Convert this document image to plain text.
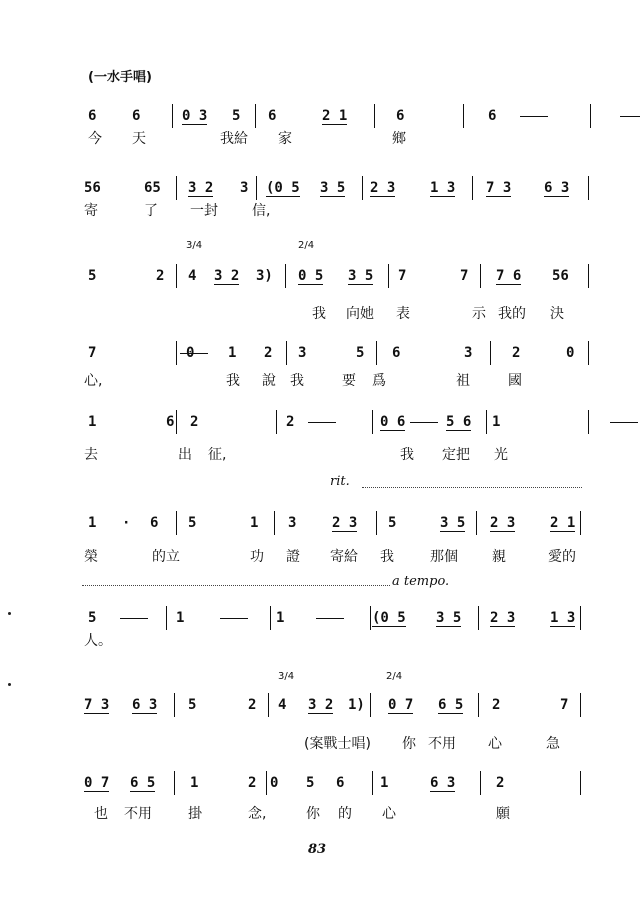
(一水手唱)
6	6	0 3 5 6	2 1	6	6
今 天	我給 家	鄉
56	65 3 2 3 (0 5 3 5 2 3 1 3 7 3 6 3
寄	了 一封 信,
5	2 4 3 2 3) 0 5 3 5 7	7 7 6 56
我 向她 表	示 我的 決
7	0 1 2 3	5 6	3	2	0
心,	我 說 我	要 爲	祖	國
1	6 2	2	0 6	5 6 1
去	出 征,	我 定把 光
1 · 6 5	1 3	2 3 5	3 5 2 3 2 1
榮	的立	功 證 寄給 我	那個 親	愛的
5	1	1	(0 5 3 5 2 3 1 3
人。
7 3 6 3 5	2 4 3 2 1) 0 7 6 5 2	7
(案戰士唱) 你 不用 心	急
0 7 6 5 1	2 0 5 6	1	6 3	2
也 不用	掛	念,	你 的 心	願
3/4	2/4
3/4	2/4
rit.
a tempo.
83
